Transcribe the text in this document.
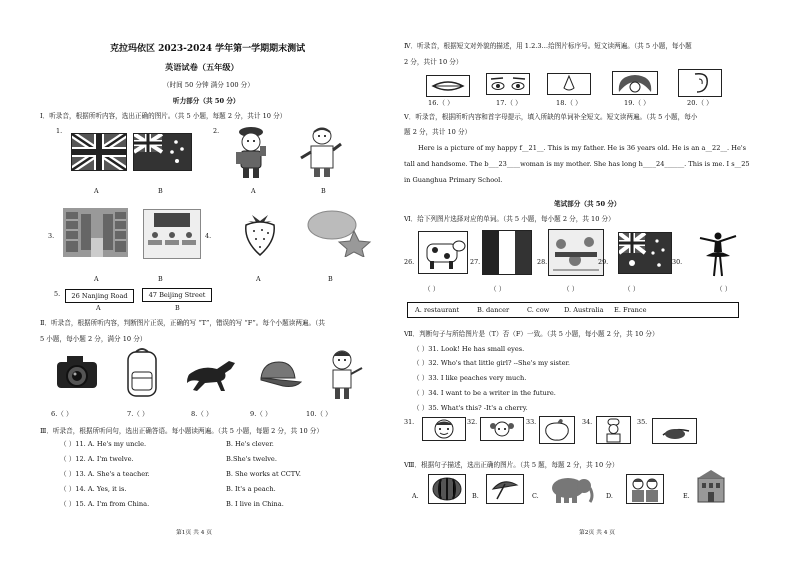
克拉玛依区 2023-2024 学年第一学期期末测试
英语试卷（五年级）
（时间 50 分钟 满分 100 分）
听力部分（共 50 分）
Ⅰ．听录音，根据所听内容，选出正确的图片。（共 5 小题，每题 2 分，共计 10 分）
1.
A	B
2.
A	B
3.
A	B
4.
A	B
5.	26 Nanjing Road	47 Beijing Street
A	B
Ⅱ．听录音，根据所听内容，判断图片正误，正确的写 “T”，错误的写 “F”。每个小题读两遍。（共
5 小题，每小题 2 分，满分 10 分）
6.（ ）	7.（ ）	8.（ ）	9.（ ）	10.（ ）
Ⅲ．听录音，根据所听问句，选出正确答语。每小题读两遍。（共 5 小题，每题 2 分，共 10 分）
（ ）11. A. He's my uncle.	B. He's clever.
（ ）12. A. I'm twelve.	B.She's twelve.
（ ）13. A. She's a teacher.	B. She works at CCTV.
（ ）14. A. Yes, it is.	B. It's a peach.
（ ）15. A. I'm from China.	B. I live in China.
第1页 共 4 页
Ⅳ．听录音，根据短文对外貌的描述，用 1.2.3…给图片标序号。短文读两遍。（共 5 小题，每小题
2 分，共计 10 分）
16.（ ）	17.（ ）	18.（ ）	19.（ ）	20.（ ）
Ⅴ．听录音，根据所听内容和首字母提示，填入所缺的单词补全短文。短文读两遍。（共 5 小题，每小
题 2 分，共计 10 分）
Here is a picture of my happy f__21__. This is my father. He is 36 years old. He is an a__22__. He's
tall and handsome. The b___23____woman is my mother. She has long h____24______. This is me. I s__25
in Guanghua Primary School.
笔试部分（共 50 分）
Ⅵ．给下列图片选择对应的单词。（共 5 小题，每小题 2 分，共 10 分）
26.	27.	28.	29.	30.
（ ）	（ ）	（ ）	（ ）	（ ）
A. restaurant	B. dancer	C. cow D. Australia E. France
Ⅶ．判断句子与所给图片是（T）否（F）一致。（共 5 小题，每小题 2 分，共 10 分）
（ ）31. Look! He has small eyes.
（ ）32. Who's that little girl? --She's my sister.
（ ）33. I like peaches very much.
（ ）34. I want to be a writer in the future.
（ ）35. What's this? -It's a cherry.
31.	32.	33.	34.	35.
Ⅷ．根据句子描述，选出正确的图片。（共 5 题，每题 2 分，共 10 分）
A.	B.	C.	D.	E.
第2页 共 4 页
